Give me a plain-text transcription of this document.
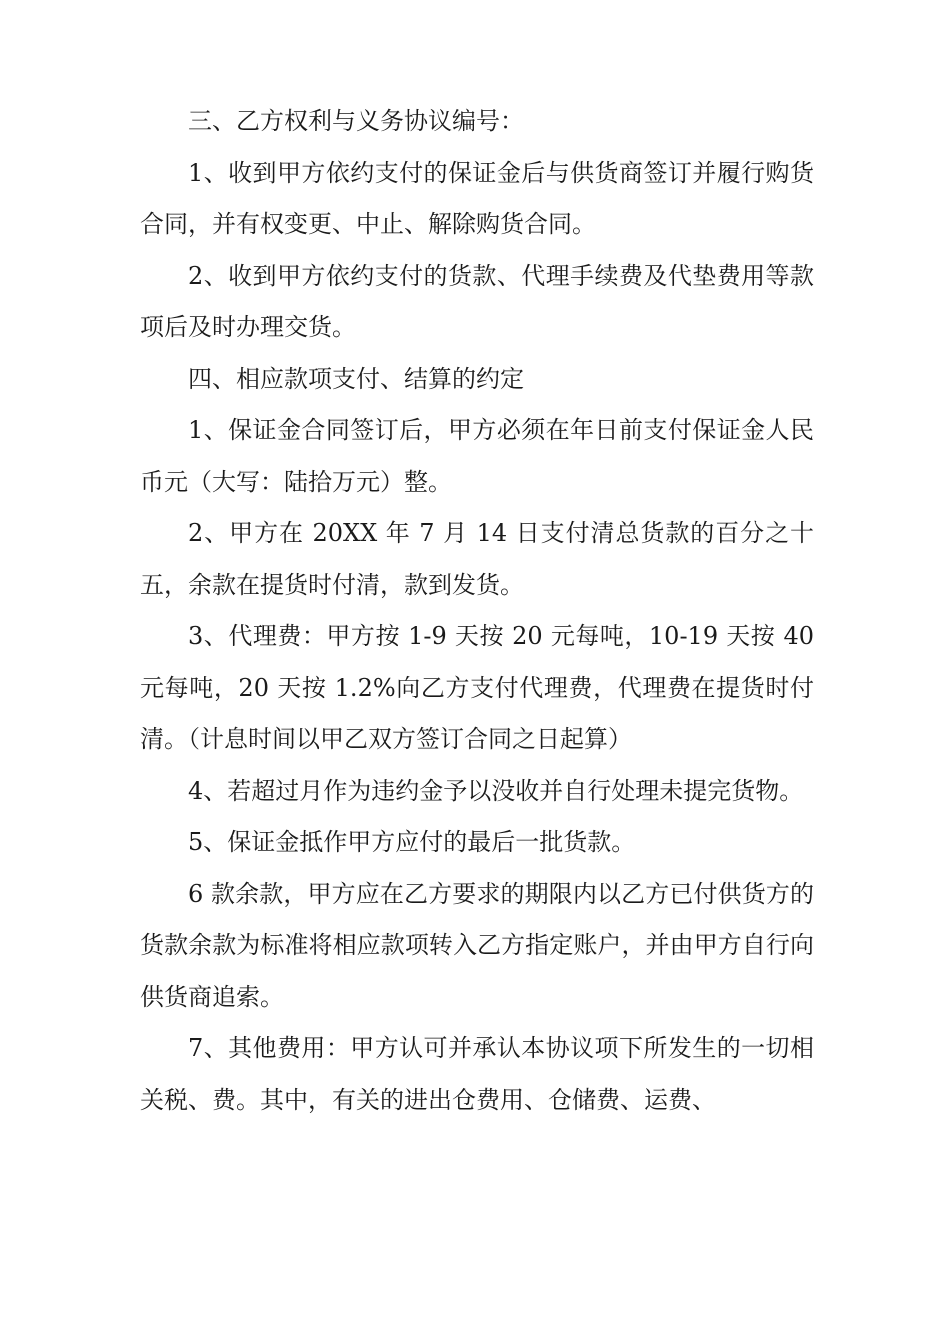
三、乙方权利与义务协议编号：

1、收到甲方依约支付的保证金后与供货商签订并履行购货合同，并有权变更、中止、解除购货合同。

2、收到甲方依约支付的货款、代理手续费及代垫费用等款项后及时办理交货。

四、相应款项支付、结算的约定

1、保证金合同签订后，甲方必须在年日前支付保证金人民币元（大写：陆拾万元）整。

2、甲方在 20XX 年 7 月 14 日支付清总货款的百分之十五，余款在提货时付清，款到发货。

3、代理费：甲方按 1-9 天按 20 元每吨，10-19 天按 40 元每吨，20 天按 1.2%向乙方支付代理费，代理费在提货时付清。（计息时间以甲乙双方签订合同之日起算）

4、若超过月作为违约金予以没收并自行处理未提完货物。

5、保证金抵作甲方应付的最后一批货款。

6 款余款，甲方应在乙方要求的期限内以乙方已付供货方的货款余款为标准将相应款项转入乙方指定账户，并由甲方自行向供货商追索。

7、其他费用：甲方认可并承认本协议项下所发生的一切相关税、费。其中，有关的进出仓费用、仓储费、运费、
